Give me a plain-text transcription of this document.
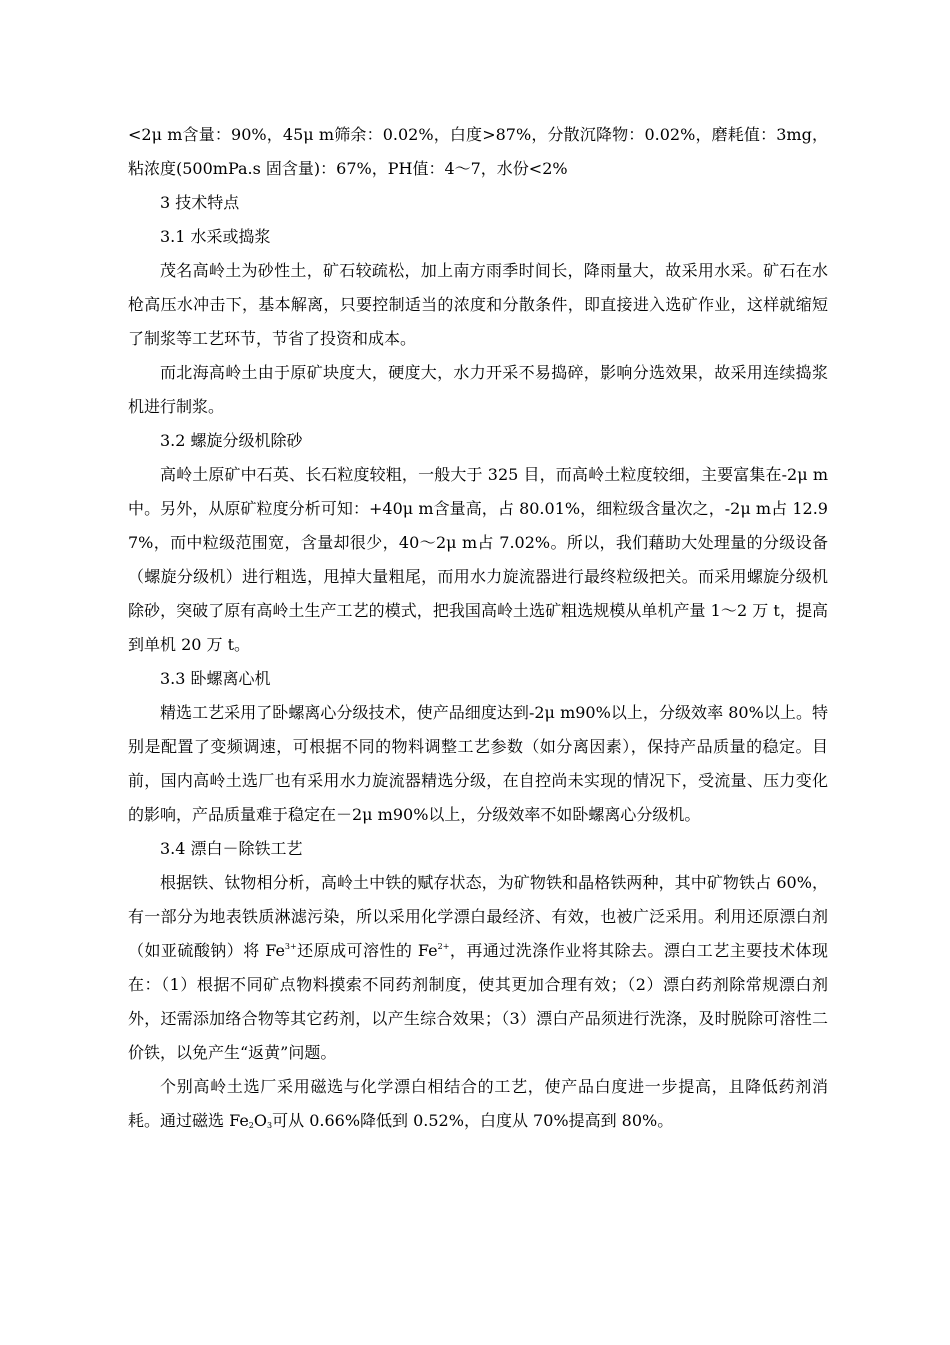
<2μ m含量：90%，45μ m筛余：0.02%，白度>87%，分散沉降物：0.02%，磨耗值：3mg，粘浓度(500mPa.s 固含量)：67%，PH值：4～7，水份<2%

3 技术特点

3.1 水采或捣浆

茂名高岭土为砂性土，矿石较疏松，加上南方雨季时间长，降雨量大，故采用水采。矿石在水枪高压水冲击下，基本解离，只要控制适当的浓度和分散条件，即直接进入选矿作业，这样就缩短了制浆等工艺环节，节省了投资和成本。

而北海高岭土由于原矿块度大，硬度大，水力开采不易捣碎，影响分选效果，故采用连续捣浆机进行制浆。

3.2 螺旋分级机除砂

高岭土原矿中石英、长石粒度较粗，一般大于 325 目，而高岭土粒度较细，主要富集在-2μ m中。另外，从原矿粒度分析可知：+40μ m含量高，占 80.01%，细粒级含量次之，-2μ m占 12.97%，而中粒级范围宽，含量却很少，40～2μ m占 7.02%。所以，我们藉助大处理量的分级设备（螺旋分级机）进行粗选，甩掉大量粗尾，而用水力旋流器进行最终粒级把关。而采用螺旋分级机除砂，突破了原有高岭土生产工艺的模式，把我国高岭土选矿粗选规模从单机产量 1～2 万 t，提高到单机 20 万 t。

3.3 卧螺离心机

精选工艺采用了卧螺离心分级技术，使产品细度达到-2μ m90%以上，分级效率 80%以上。特别是配置了变频调速，可根据不同的物料调整工艺参数（如分离因素），保持产品质量的稳定。目前，国内高岭土选厂也有采用水力旋流器精选分级，在自控尚未实现的情况下，受流量、压力变化的影响，产品质量难于稳定在－2μ m90%以上，分级效率不如卧螺离心分级机。

3.4 漂白－除铁工艺

根据铁、钛物相分析，高岭土中铁的赋存状态，为矿物铁和晶格铁两种，其中矿物铁占 60%，有一部分为地表铁质淋滤污染，所以采用化学漂白最经济、有效，也被广泛采用。利用还原漂白剂（如亚硫酸钠）将 $Fe^{3+}$还原成可溶性的 $Fe^{2+}$，再通过洗涤作业将其除去。漂白工艺主要技术体现在：（1）根据不同矿点物料摸索不同药剂制度，使其更加合理有效；（2）漂白药剂除常规漂白剂外，还需添加络合物等其它药剂，以产生综合效果；（3）漂白产品须进行洗涤，及时脱除可溶性二价铁，以免产生“返黄”问题。

个别高岭土选厂采用磁选与化学漂白相结合的工艺，使产品白度进一步提高，且降低药剂消耗。通过磁选 $Fe_2O_3$可从 0.66%降低到 0.52%，白度从 70%提高到 80%。
